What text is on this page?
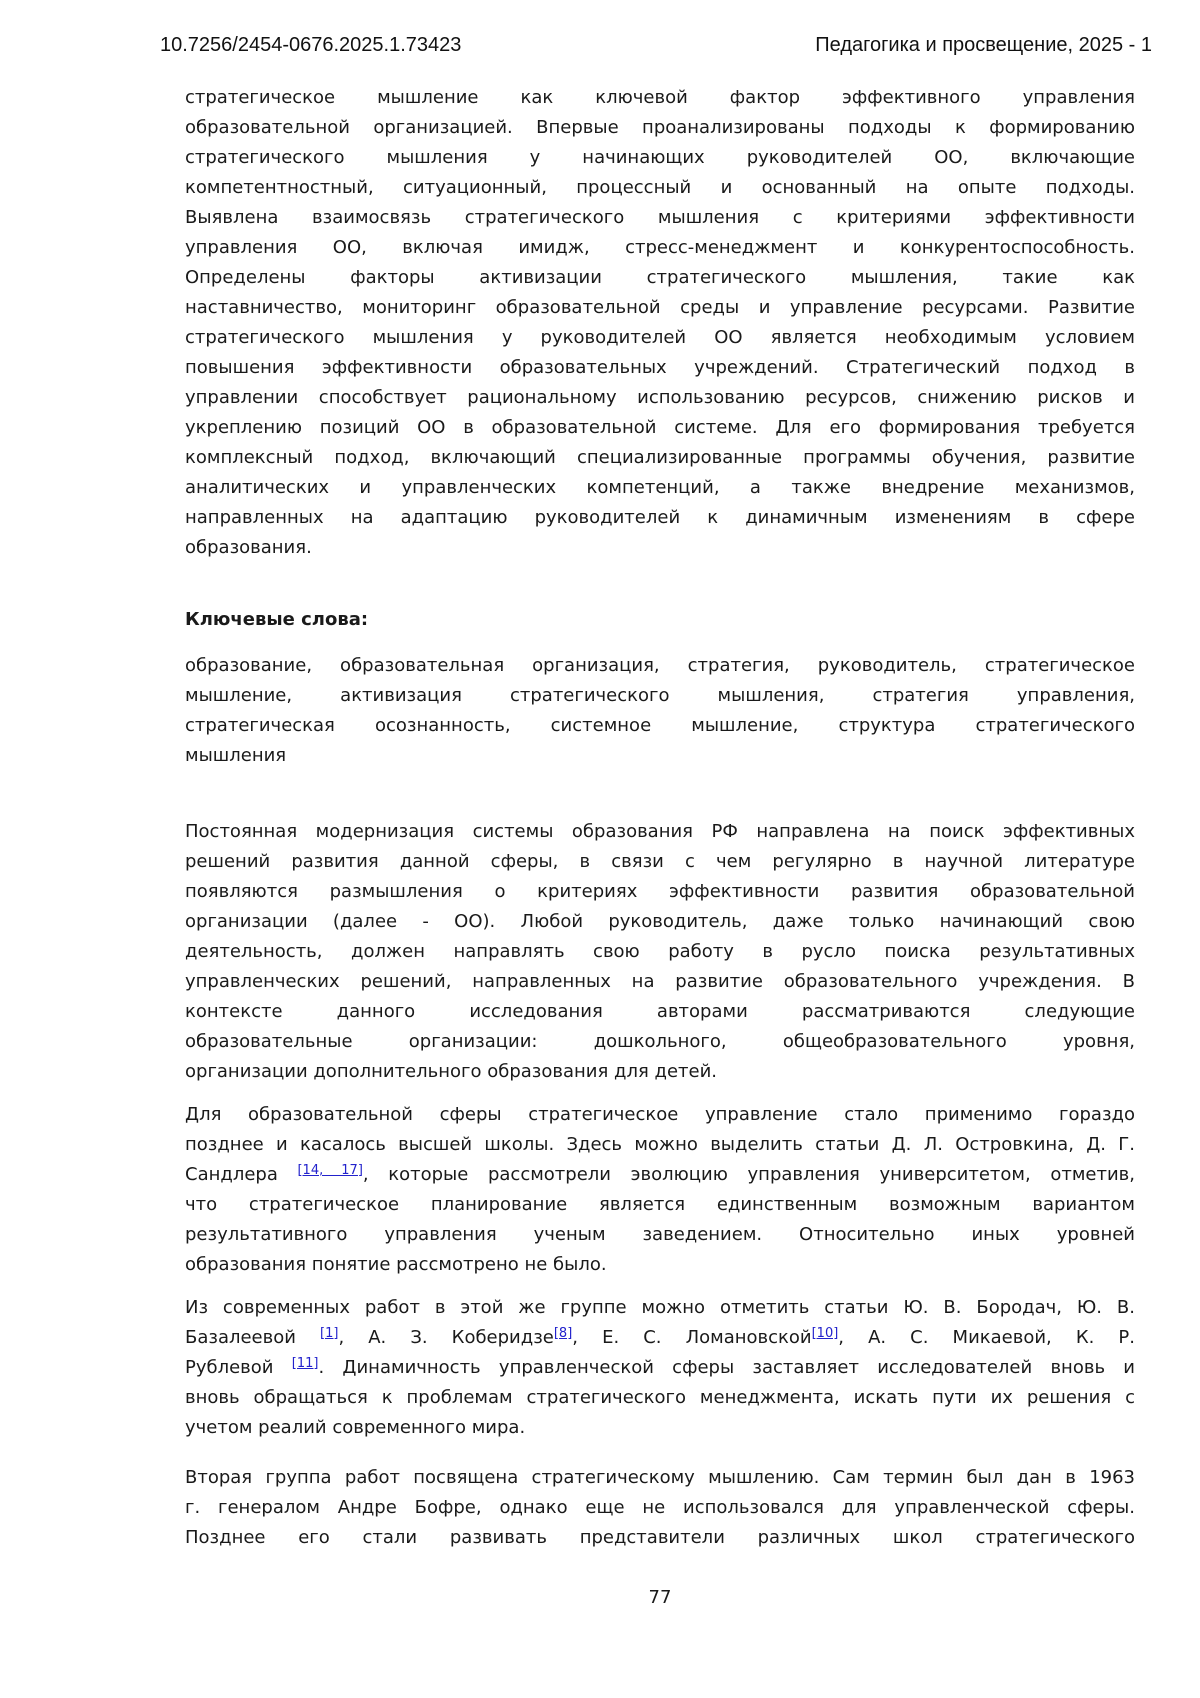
10.7256/2454-0676.2025.1.73423	Педагогика и просвещение, 2025 - 1
стратегическое мышление как ключевой фактор эффективного управления
образовательной организацией. Впервые проанализированы подходы к формированию
стратегического мышления у начинающих руководителей ОО, включающие
компетентностный, ситуационный, процессный и основанный на опыте подходы.
Выявлена взаимосвязь стратегического мышления с критериями эффективности
управления ОО, включая имидж, стресс-менеджмент и конкурентоспособность.
Определены факторы активизации стратегического мышления, такие как
наставничество, мониторинг образовательной среды и управление ресурсами. Развитие
стратегического мышления у руководителей ОО является необходимым условием
повышения эффективности образовательных учреждений. Стратегический подход в
управлении способствует рациональному использованию ресурсов, снижению рисков и
укреплению позиций ОО в образовательной системе. Для его формирования требуется
комплексный подход, включающий специализированные программы обучения, развитие
аналитических и управленческих компетенций, а также внедрение механизмов,
направленных на адаптацию руководителей к динамичным изменениям в сфере
образования.
Ключевые слова:
образование, образовательная организация, стратегия, руководитель, стратегическое
мышление, активизация стратегического мышления, стратегия управления,
стратегическая осознанность, системное мышление, структура стратегического
мышления
Постоянная модернизация системы образования РФ направлена на поиск эффективных
решений развития данной сферы, в связи с чем регулярно в научной литературе
появляются размышления о критериях эффективности развития образовательной
организации (далее - ОО). Любой руководитель, даже только начинающий свою
деятельность, должен направлять свою работу в русло поиска результативных
управленческих решений, направленных на развитие образовательного учреждения. В
контексте данного исследования авторами рассматриваются следующие
образовательные организации: дошкольного, общеобразовательного уровня,
организации дополнительного образования для детей.
Для образовательной сферы стратегическое управление стало применимо гораздо
позднее и касалось высшей школы. Здесь можно выделить статьи Д. Л. Островкина, Д. Г.
Сандлера [14, 17], которые рассмотрели эволюцию управления университетом, отметив,
что стратегическое планирование является единственным возможным вариантом
результативного управления ученым заведением. Относительно иных уровней
образования понятие рассмотрено не было.
Из современных работ в этой же группе можно отметить статьи Ю. В. Бородач, Ю. В.
Базалеевой [1], А. З. Коберидзе[8], Е. С. Ломановской[10], А. С. Микаевой, К. Р.
Рублевой [11]. Динамичность управленческой сферы заставляет исследователей вновь и
вновь обращаться к проблемам стратегического менеджмента, искать пути их решения с
учетом реалий современного мира.
Вторая группа работ посвящена стратегическому мышлению. Сам термин был дан в 1963
г. генералом Андре Бофре, однако еще не использовался для управленческой сферы.
Позднее его стали развивать представители различных школ стратегического
77
